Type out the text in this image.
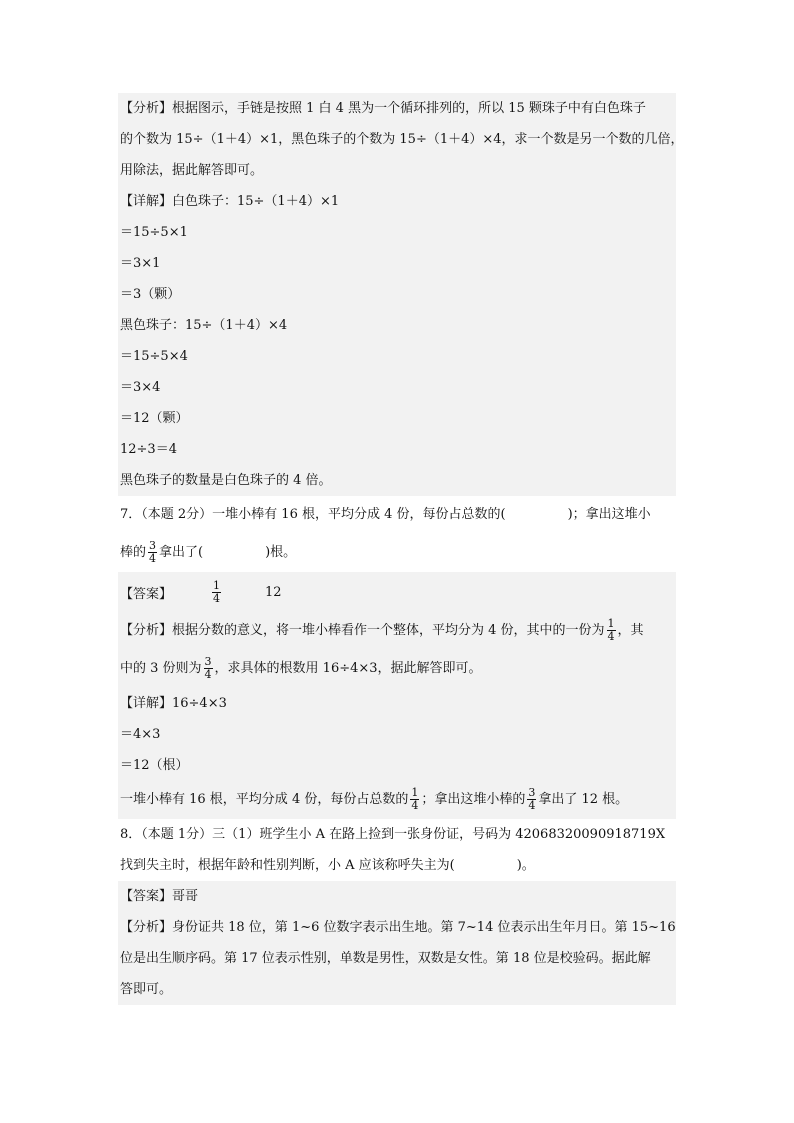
【分析】根据图示，手链是按照 1 白 4 黑为一个循环排列的，所以 15 颗珠子中有白色珠子
的个数为 15÷（1＋4）×1，黑色珠子的个数为 15÷（1＋4）×4，求一个数是另一个数的几倍，
用除法，据此解答即可。
【详解】白色珠子：15÷（1＋4）×1
＝15÷5×1
＝3×1
＝3（颗）
黑色珠子：15÷（1＋4）×4
＝15÷5×4
＝3×4
＝12（颗）
12÷3＝4
黑色珠子的数量是白色珠子的 4 倍。
7．（本题 2分）一堆小棒有 16 根，平均分成 4 份，每份占总数的(	)；拿出这堆小
棒的 $\frac{3}{4}$ 拿出了(	)根。
【答案】	$\frac{1}{4}$	12
【分析】根据分数的意义，将一堆小棒看作一个整体，平均分为 4 份，其中的一份为 $\frac{1}{4}$ ，其
中的 3 份则为 $\frac{3}{4}$ ，求具体的根数用 16÷4×3，据此解答即可。
【详解】16÷4×3
＝4×3
＝12（根）
一堆小棒有 16 根，平均分成 4 份，每份占总数的 $\frac{1}{4}$ ；拿出这堆小棒的 $\frac{3}{4}$ 拿出了 12 根。
8．（本题 1分）三（1）班学生小 A 在路上捡到一张身份证，号码为 42068320090918719X
找到失主时，根据年龄和性别判断，小 A 应该称呼失主为(	)。
【答案】哥哥
【分析】身份证共 18 位，第 1~6 位数字表示出生地。第 7~14 位表示出生年月日。第 15~16
位是出生顺序码。第 17 位表示性别，单数是男性，双数是女性。第 18 位是校验码。据此解
答即可。
